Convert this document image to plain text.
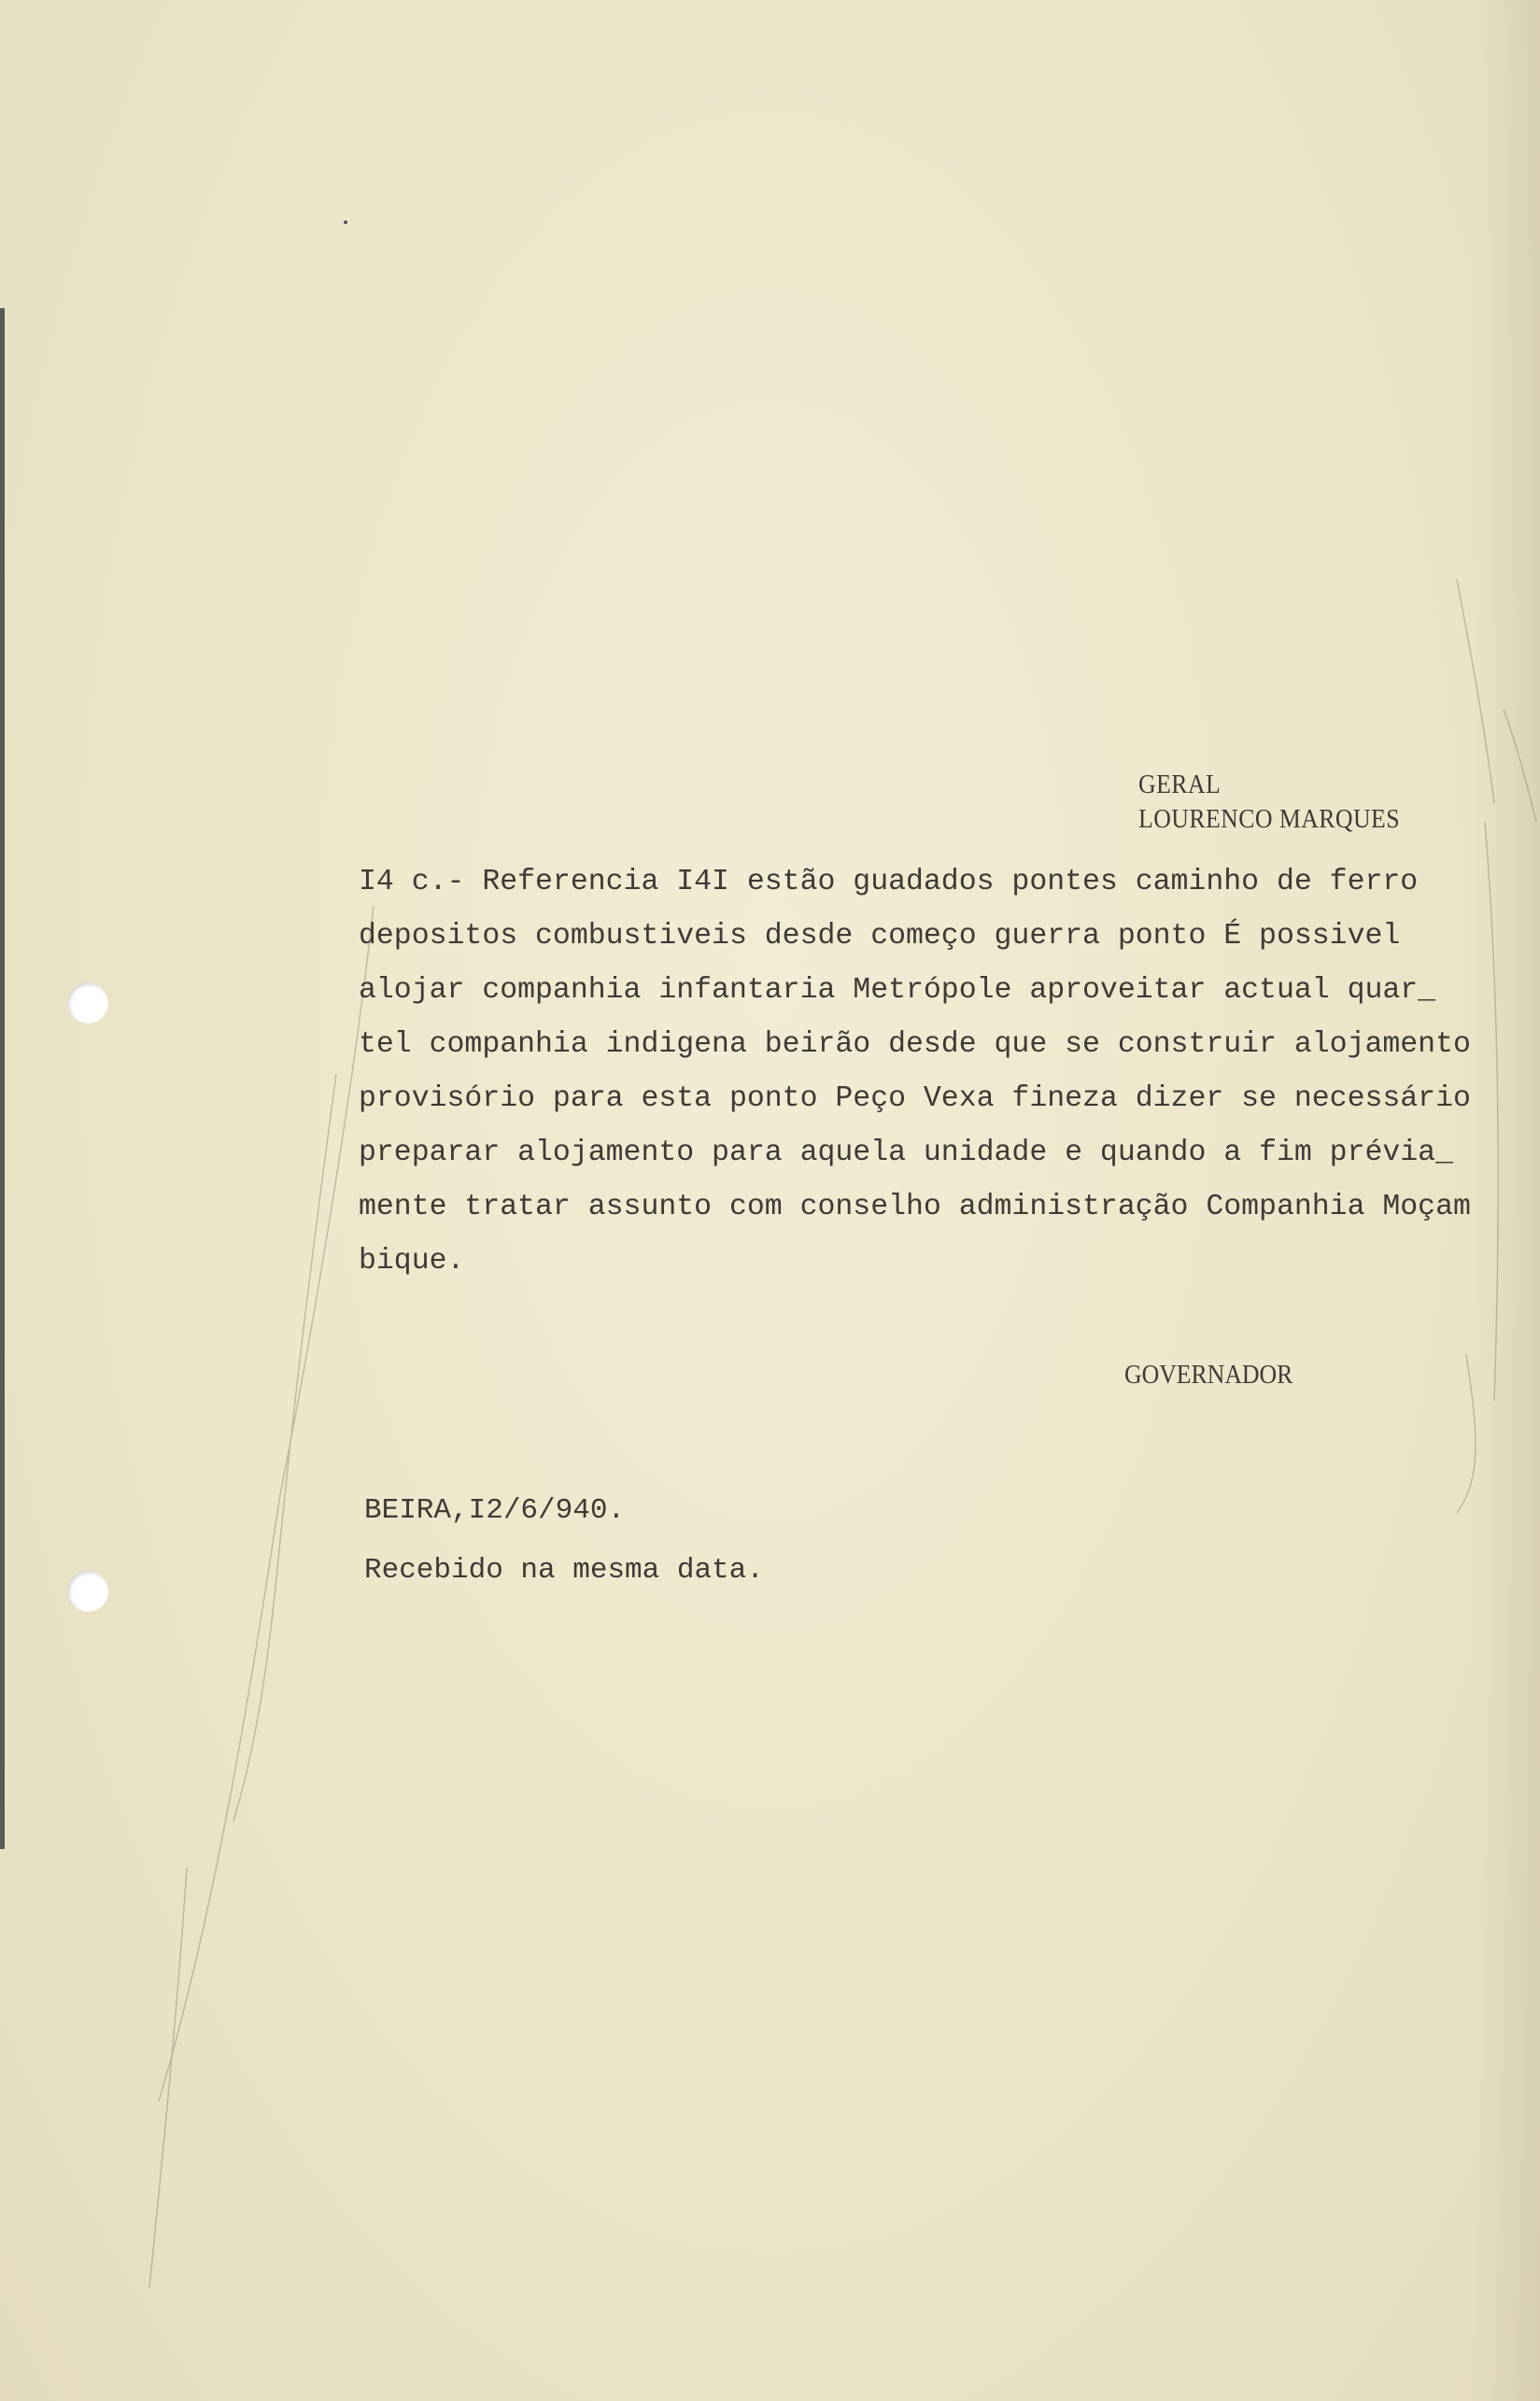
GERAL
LOURENCO MARQUES
I4 c.- Referencia I4I estão guadados pontes caminho de ferro
depositos combustiveis desde começo guerra ponto É possivel
alojar companhia infantaria Metrópole aproveitar actual quar_
tel companhia indigena beirão desde que se construir alojamento
provisório para esta ponto Peço Vexa fineza dizer se necessário
preparar alojamento para aquela unidade e quando a fim prévia_
mente tratar assunto com conselho administração Companhia Moçam
bique.
GOVERNADOR
BEIRA,I2/6/940.
Recebido na mesma data.
